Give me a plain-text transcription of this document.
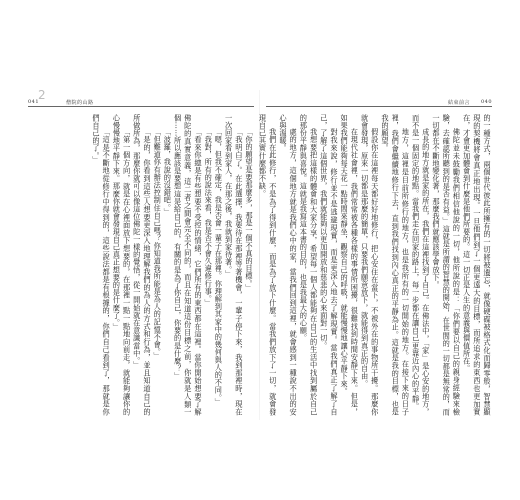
2
041	僧院的山路

「你的願望是要那麼多，那是一個不真的目標。」

「我明白了。在此選擇，我要待在那裡等著機會，一輩子停下來，我到那裡時，現在一次回家看到家人，在那之後，我就到家待著。」

「嗯，但我不確定，我是否會一輩子在那裡。你理解到其家中的幾何與人的不同。」

「我對，所有的說法來看，我是否不會久違修行事。」

「看來你總是有些想要不受控的情緒，它們所有的東西都在這裡。當你開始想要了解佛陀的真實意義，這二者之間會完全不同的，而且在知道這份目標之前，你就是人類一個……所以應該是要想這是給自己的，有關的是為了你自己，你要的是什麼？」

「波羅，我說的沒錯吧。」

「但難道你有辦法控制住自己嗎？你知道我所能是為人的記憶不會。」

「是的，你看到這些人想要更深入地理解我們的為人的方式和行為，並且知道自己的所做所為，那麼你就可以像這位佛陀一樣的覺悟，從一開始就在意識當中。」

「第一個方向，就是在心裡面放下想要的，在那裡一點一點地向前走，就能夠讓你的心慢慢地平靜下來。那麼你就會發現自己真正想要的是什麼了。」

「這是不斷地從修行中得到的，這些說法都是有根據的，你們自己看到了，那就是你們自己的了。」

結束前言 040

的一種方式，兩個世代彼此所擁有的一切將被遺忘，就像硬碟被格式化而歸零般，智慧顯現的契機將會真正地出現。一旦他們到了一個更遠大的目標，而所追求的東西也更加實在，才會更加體會到什麼是他們所要的。這一切正是人生的意義與價值所在。

佛陀並未鼓勵我們相信他說的一切，他所說的是：「你們要以自己的親身經驗來檢驗，去確認所聽到的是否有益。」這就是所謂的智慧的開始，在世間的一切都是無常的，而一切都在不斷地變化著，那麼我們就應該學會放下。

成長的地方就是家的所在，我們在這裡找到了自己。在佛法中，「家」是心安的地方，而不是一個固定的地點。當我們走在回家的路上，每一步都在讓自己更靠近內心的平靜。

地方，這裡是目前所修行的地方，也是我所有的一切開始的地方。在接下來的日子裡，我們會繼續地修行下去，直到我們找到內心真正的平靜為止。這就是我的目標，也是我的願望。

假設你在這裡每天都好好地修行，把心安住在當下，不被外在的事物所干擾。那麼你就會發現，原來一切都是那麼的簡單，只要我們願意放下，就能得到真正的自由。

在現代社會裡，我們常常被各種各樣的事情所困擾，很難找到時間安靜下來。但是，如果我們能夠每天花一點時間來靜坐，觀察自己的呼吸，就能慢慢地讓心平靜下來。

對我來說，修行並不是逃避現實，而是更深入地去了解現實。當我們真正了解了自己，了解了這個世界，我們就能夠以更加開放和慈悲的心來面對一切。

我想要把這樣的體會和大家分享，希望每一個人都能夠在自己的生活中找到屬於自己的那份平靜與喜悅。這就是我寫這本書的目的，也是我最大的心願。

處的地方，這個地方就是我們心中的家，當我們回到這裡，就會感到一種說不出的安心與溫暖。

我們在此修行，不是為了得到什麼，而是為了放下什麼。當我們放下了一切，就會發現自己其實什麼都不缺。
